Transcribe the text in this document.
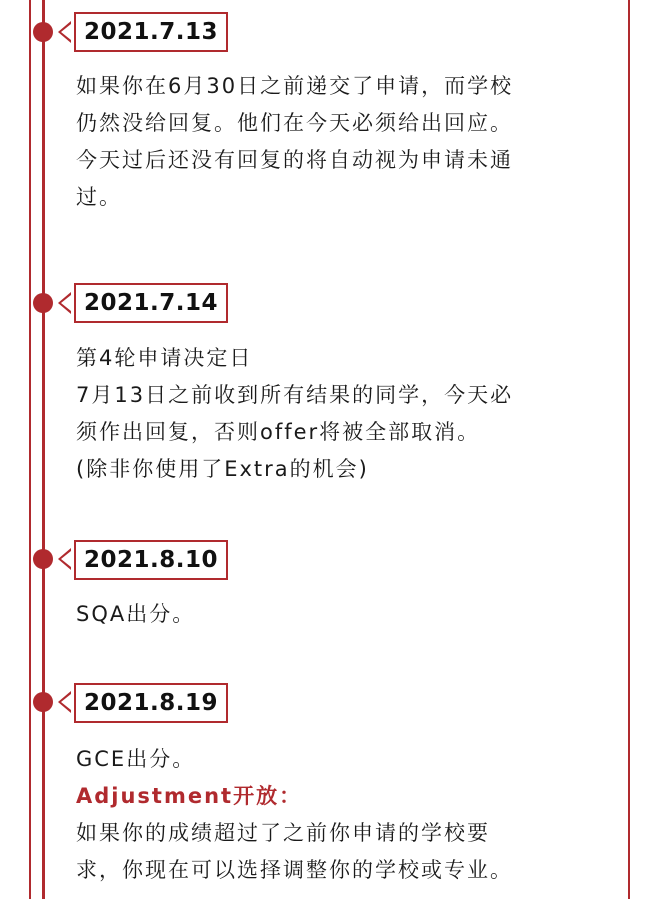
2021.7.13

如果你在6月30日之前递交了申请，而学校

仍然没给回复。他们在今天必须给出回应。

今天过后还没有回复的将自动视为申请未通

过。

2021.7.14

第4轮申请决定日

7月13日之前收到所有结果的同学，今天必

须作出回复，否则offer将被全部取消。

(除非你使用了Extra的机会)

2021.8.10

SQA出分。

2021.8.19

GCE出分。

Adjustment开放：

如果你的成绩超过了之前你申请的学校要

求，你现在可以选择调整你的学校或专业。
